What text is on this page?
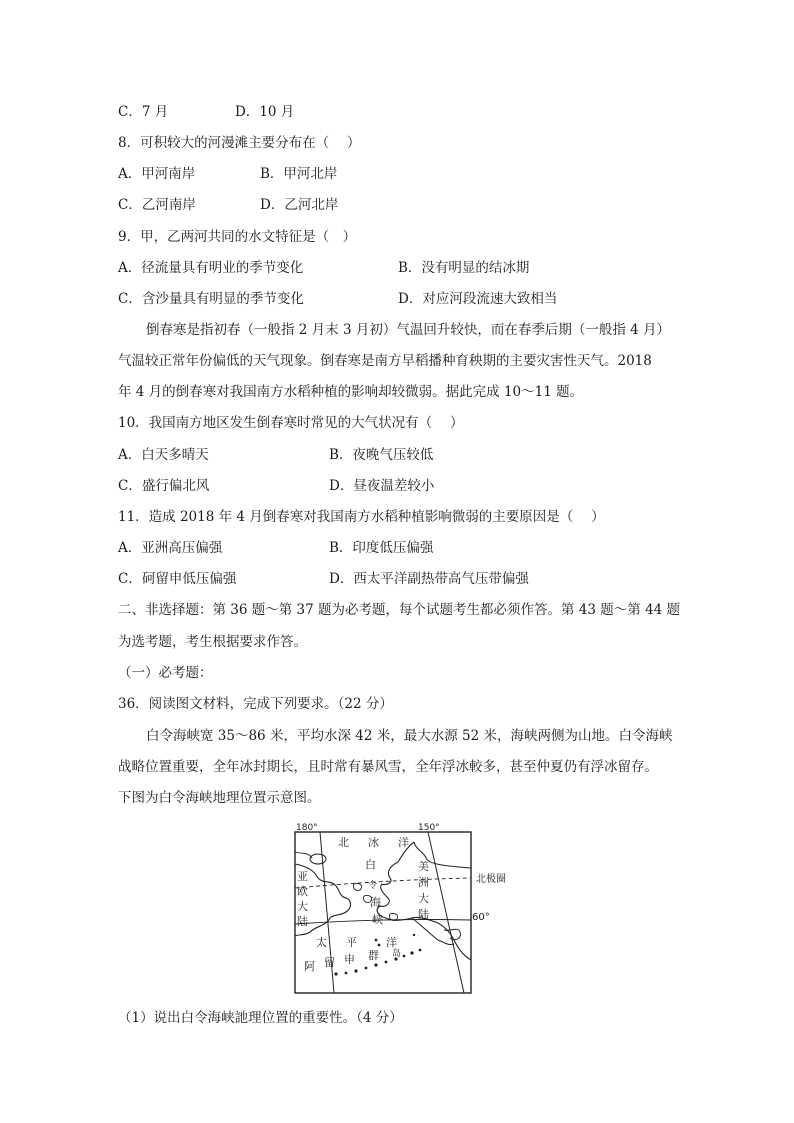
C．7 月	D．10 月
8．可积较大的河漫滩主要分布在（　 ）
A．甲河南岸	B．甲河北岸
C．乙河南岸	D．乙河北岸
9．甲，乙两河共同的水文特征是（　）
A．径流量具有明业的季节变化	B．没有明显的结冰期
C．含沙量具有明显的季节变化	D．对应河段流速大致相当
倒春寒是指初春（一般指 2 月末 3 月初）气温回升较快，而在春季后期（一般指 4 月）
气温较正常年份偏低的天气现象。倒春寒是南方早稻播种育秧期的主要灾害性天气。2018
年 4 月的倒春寒对我国南方水稻种植的影响却较微弱。据此完成 10～11 题。
10．我国南方地区发生倒春寒时常见的大气状况有（　 ）
A．白天多晴天	B．夜晚气压较低
C．盛行偏北风	D．昼夜温差较小
11．造成 2018 年 4 月倒春寒对我国南方水稻种植影响微弱的主要原因是（　 ）
A．亚洲高压偏强	B．印度低压偏强
C．砢留申低压偏强	D．西太平洋副热带高气压带偏强
二、非选择题：第 36 题～第 37 题为必考题，每个试题考生都必须作答。第 43 题～第 44 题
为选考题，考生根据要求作答。
（一）必考题：
36．阅读图文材料，完成下列要求。（22 分）
白令海峡宽 35～86 米，平均水深 42 米，最大水源 52 米，海峡两侧为山地。白令海峡
战略位置重要，全年冰封期长，且时常有暴风雪，全年浮冰較多，甚至仲夏仍有浮冰留存。
下图为白令海峡地理位置示意图。
180°	150°
北 冰 洋
白
令
海
峡
美
洲
大
陆
亚
欧
大
陆
太 平	洋
阿 留 申 群 岛
北极圈
60°
（1）说出白令海峡訑理位置的重要性。（4 分）
